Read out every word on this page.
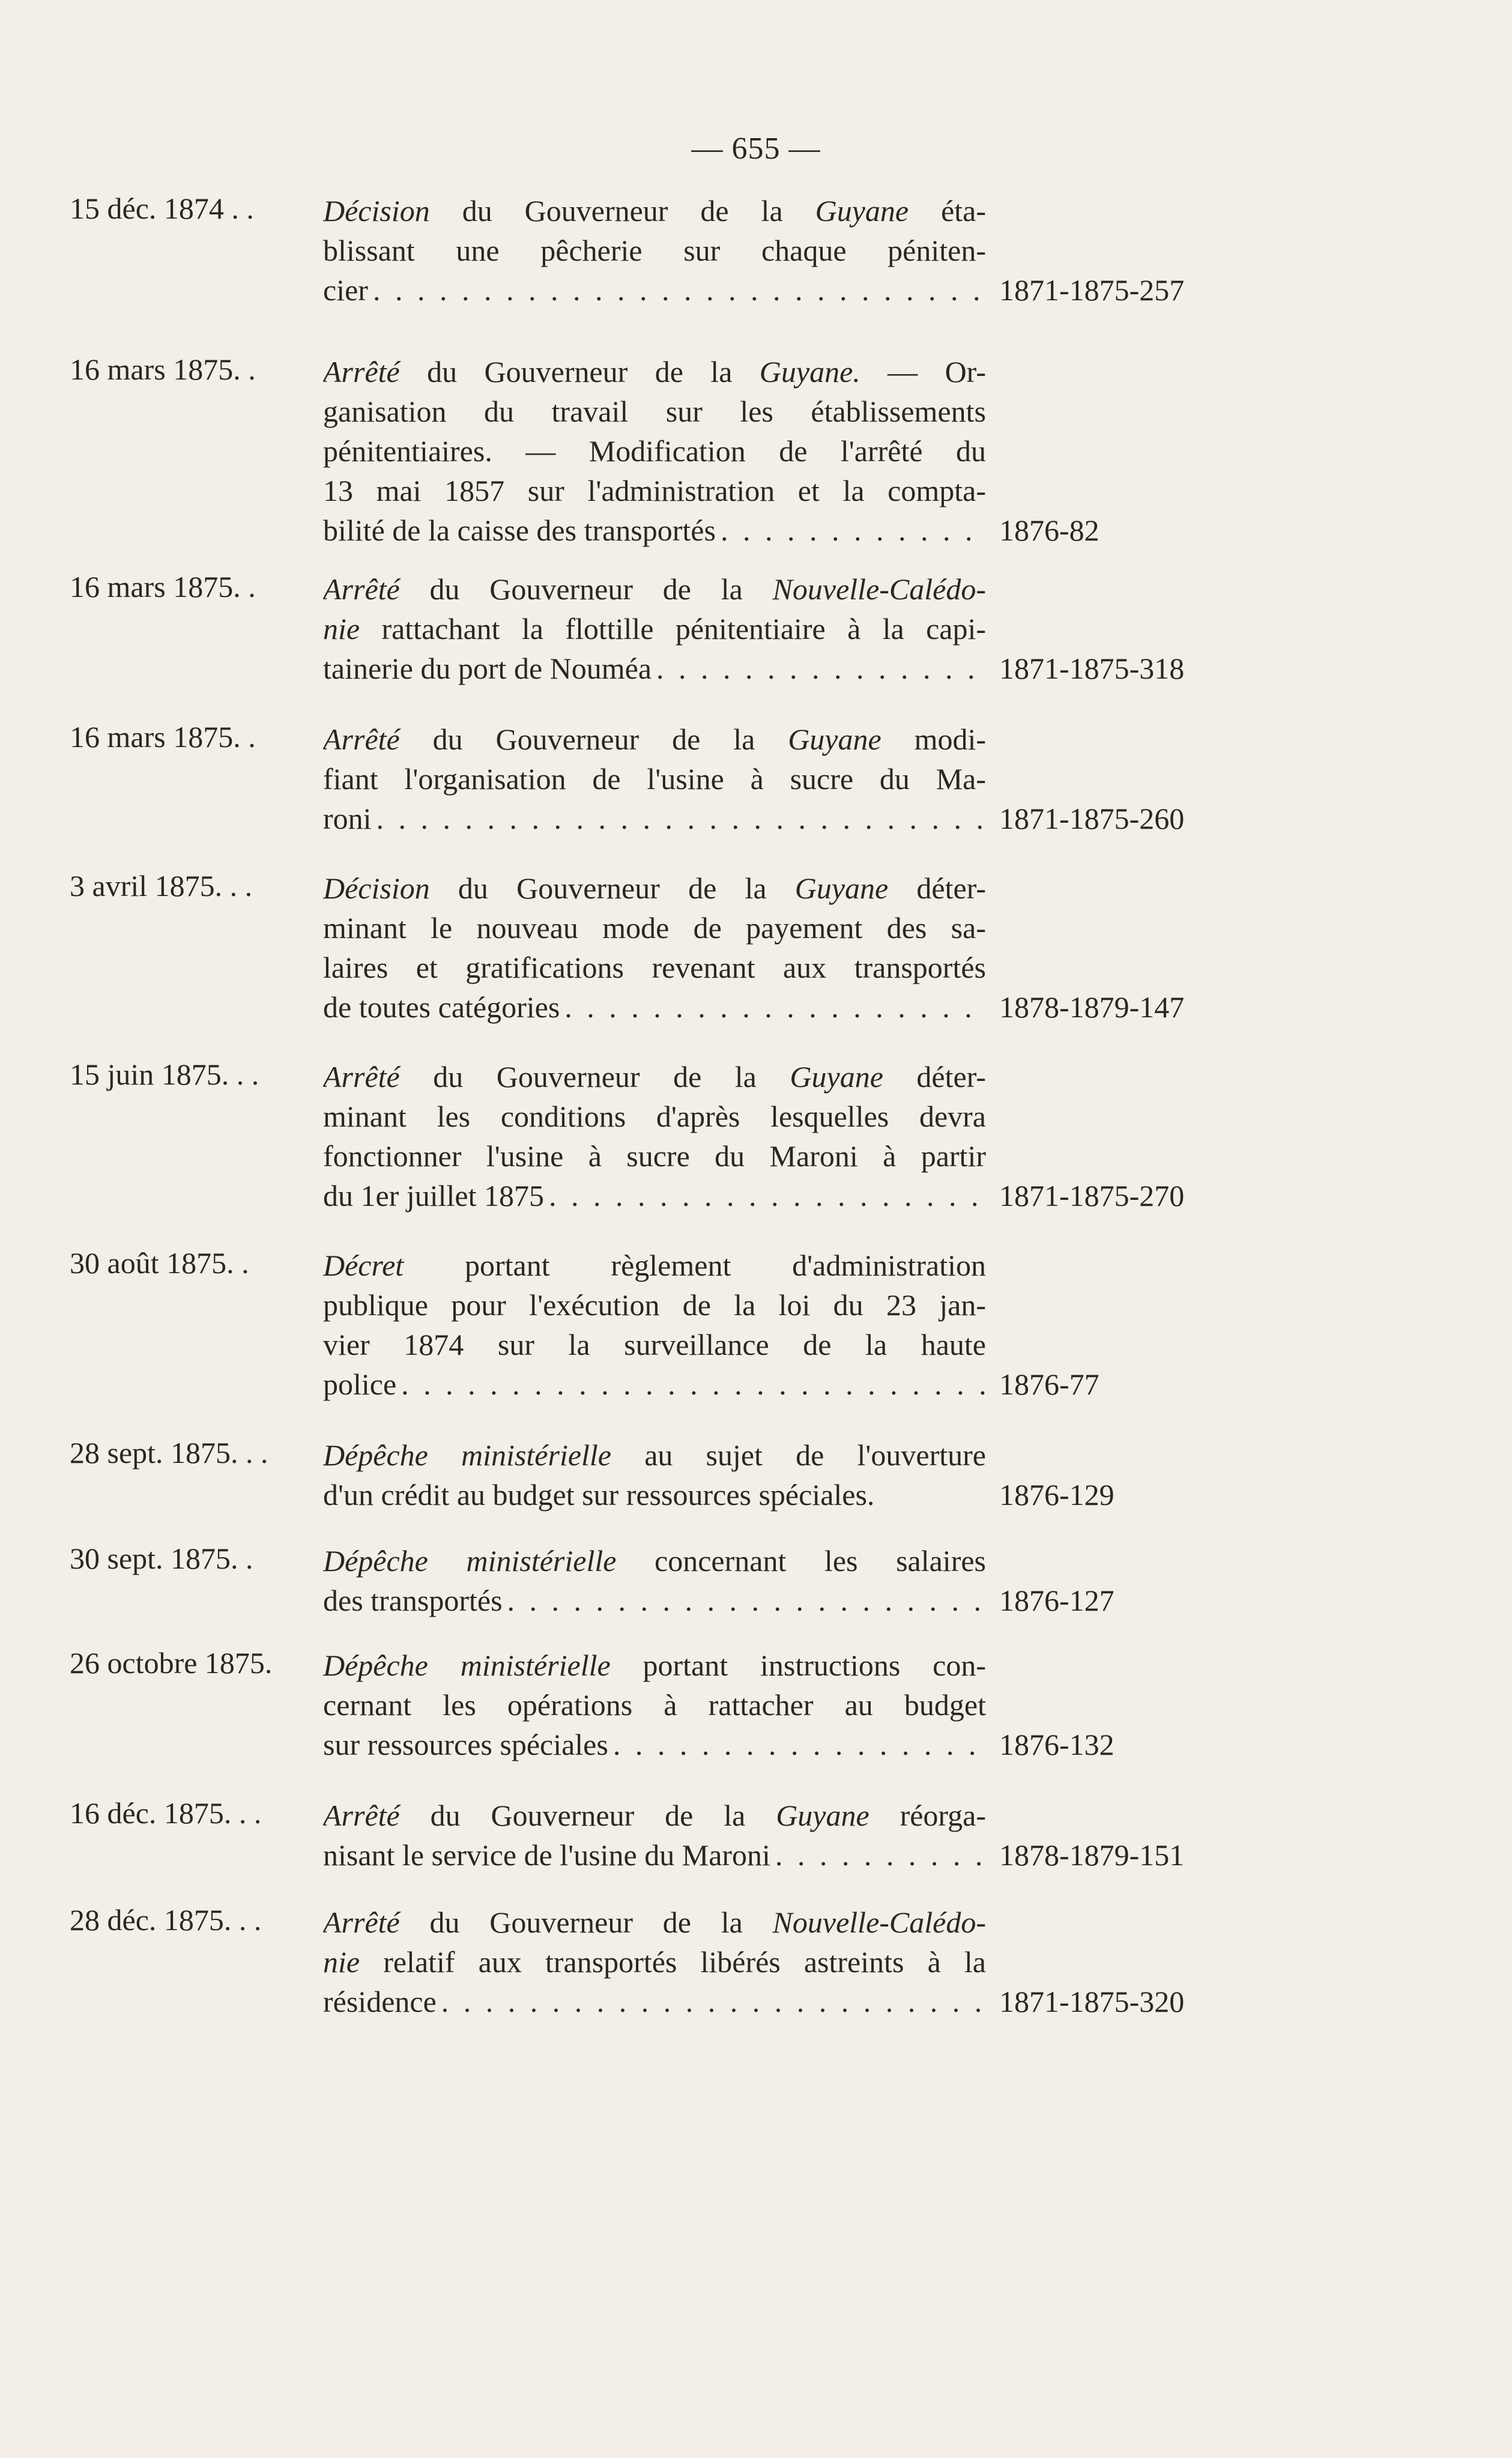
— 655 —
15 déc. 1874 . . Décision du Gouverneur de la Guyane éta-
blissant une pêcherie sur chaque péniten-
cier . . .	1871-1875-257
16 mars 1875. . Arrêté du Gouverneur de la Guyane. — Or-
ganisation du travail sur les établissements
pénitentiaires. — Modification de l'arrêté du
13 mai 1857 sur l'administration et la compta-
bilité de la caisse des transportés . . .	1876-82
16 mars 1875. . Arrêté du Gouverneur de la Nouvelle-Calédo-
nie rattachant la flottille pénitentiaire à la capi-
tainerie du port de Nouméa . . .	1871-1875-318
16 mars 1875. . Arrêté du Gouverneur de la Guyane modi-
fiant l'organisation de l'usine à sucre du Ma-
roni . . .	1871-1875-260
3 avril 1875. . . Décision du Gouverneur de la Guyane déter-
minant le nouveau mode de payement des sa-
laires et gratifications revenant aux transportés
de toutes catégories . . .	1878-1879-147
15 juin 1875. . . Arrêté du Gouverneur de la Guyane déter-
minant les conditions d'après lesquelles devra
fonctionner l'usine à sucre du Maroni à partir
du 1er juillet 1875 . . .	1871-1875-270
30 août 1875. . Décret portant règlement d'administration
publique pour l'exécution de la loi du 23 jan-
vier 1874 sur la surveillance de la haute
police . . .	1876-77
28 sept. 1875. . . Dépêche ministérielle au sujet de l'ouverture
d'un crédit au budget sur ressources spéciales.	1876-129
30 sept. 1875. . Dépêche ministérielle concernant les salaires
des transportés . . .	1876-127
26 octobre 1875. Dépêche ministérielle portant instructions con-
cernant les opérations à rattacher au budget
sur ressources spéciales . . .	1876-132
16 déc. 1875. . . Arrêté du Gouverneur de la Guyane réorga-
nisant le service de l'usine du Maroni . . .	1878-1879-151
28 déc. 1875. . . Arrêté du Gouverneur de la Nouvelle-Calédo-
nie relatif aux transportés libérés astreints à la
résidence . . .	1871-1875-320
